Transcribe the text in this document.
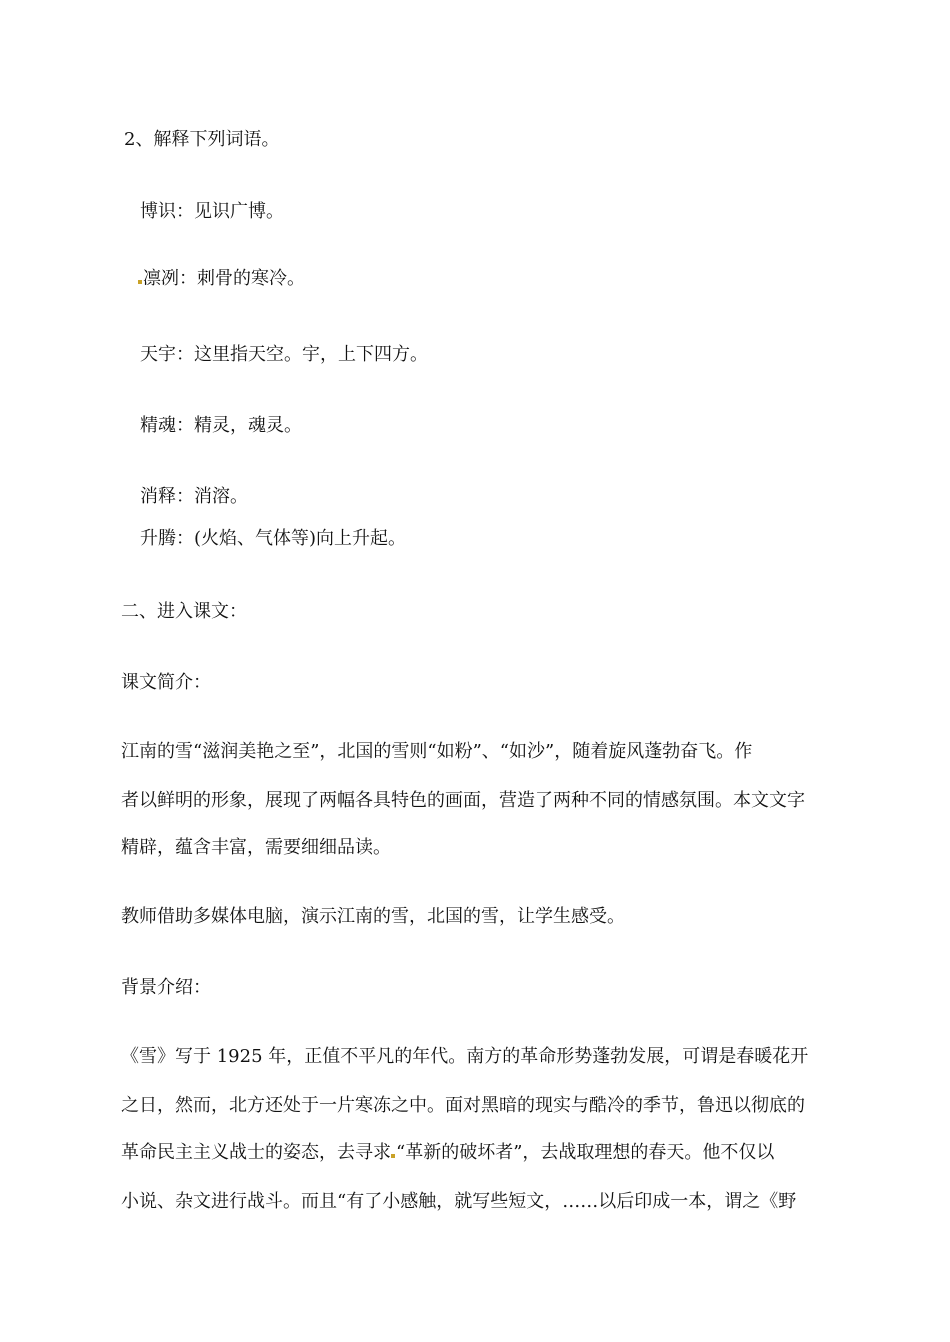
2、解释下列词语。
博识：见识广博。
凛冽：刺骨的寒冷。
天宇：这里指天空。宇，上下四方。
精魂：精灵，魂灵。
消释：消溶。
升腾：(火焰、气体等)向上升起。
二、进入课文：
课文简介：
江南的雪“滋润美艳之至”，北国的雪则“如粉”、“如沙”，随着旋风蓬勃奋飞。作
者以鲜明的形象，展现了两幅各具特色的画面，营造了两种不同的情感氛围。本文文字
精辟，蕴含丰富，需要细细品读。
教师借助多媒体电脑，演示江南的雪，北国的雪，让学生感受。
背景介绍：
《雪》写于 1925 年，正值不平凡的年代。南方的革命形势蓬勃发展，可谓是春暖花开
之日，然而，北方还处于一片寒冻之中。面对黑暗的现实与酷冷的季节，鲁迅以彻底的
革命民主主义战士的姿态，去寻求 “革新的破坏者”，去战取理想的春天。他不仅以
小说、杂文进行战斗。而且“有了小感触，就写些短文，……以后印成一本，谓之《野
